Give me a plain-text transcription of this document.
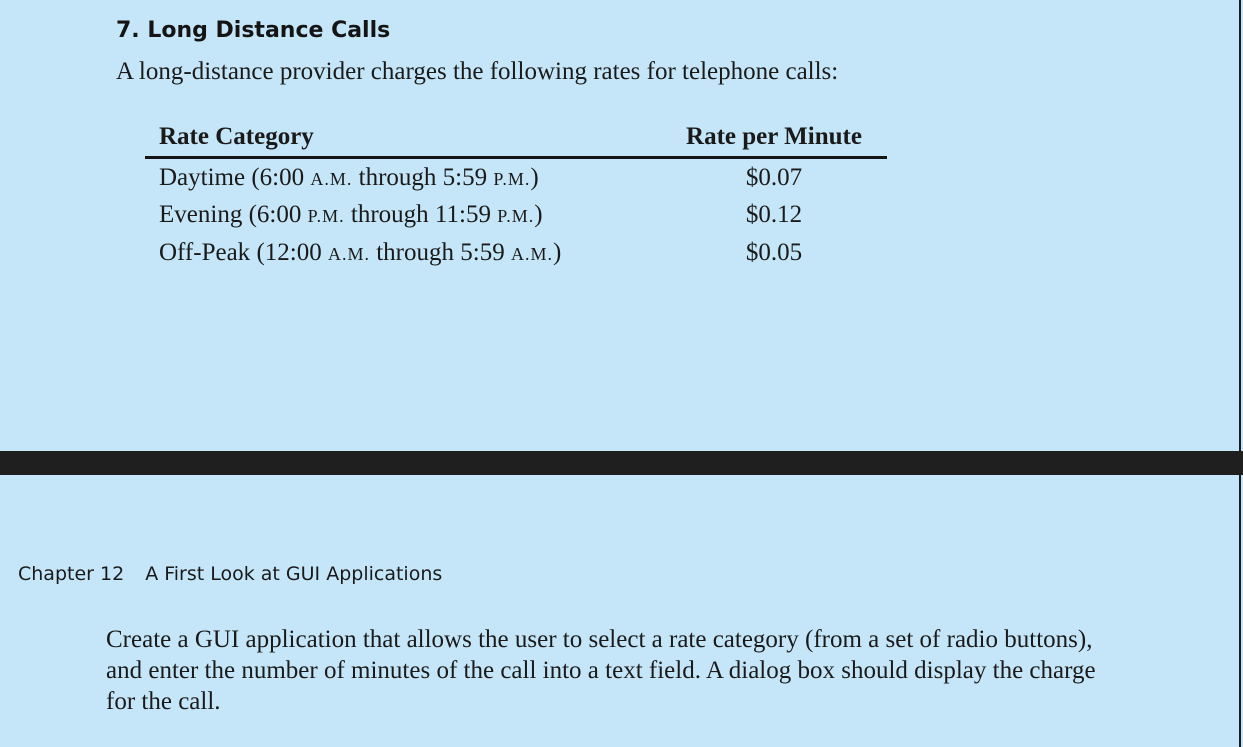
7. Long Distance Calls

A long-distance provider charges the following rates for telephone calls:

Rate Category	Rate per Minute
Daytime (6:00 A.M. through 5:59 P.M.)	$0.07
Evening (6:00 P.M. through 11:59 P.M.)	$0.12
Off-Peak (12:00 A.M. through 5:59 A.M.)	$0.05

Chapter 12 A First Look at GUI Applications

Create a GUI application that allows the user to select a rate category (from a set of radio buttons), and enter the number of minutes of the call into a text field. A dialog box should display the charge for the call.
